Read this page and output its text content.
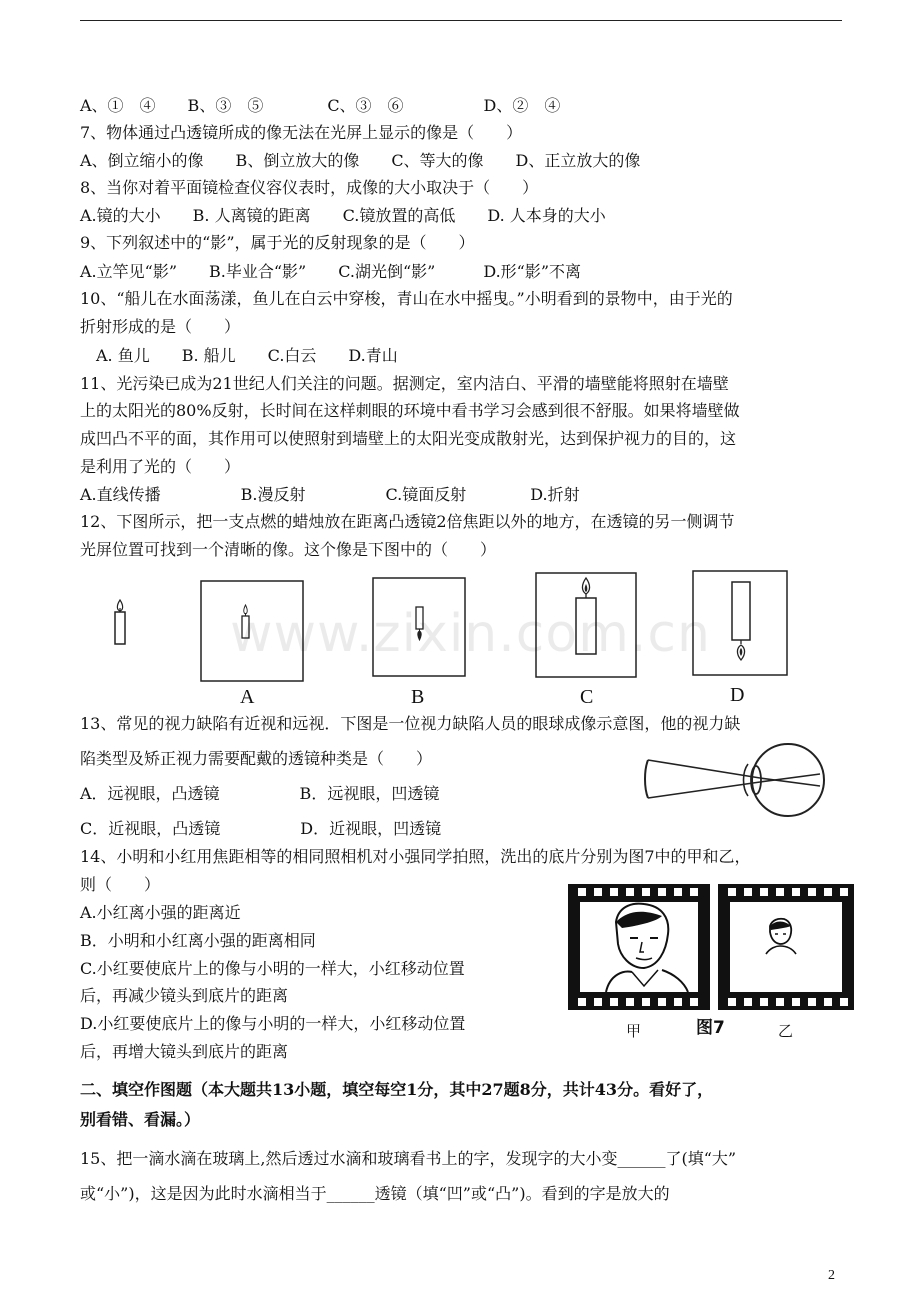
A、①　④　　B、③　⑤　　　　C、③　⑥　　　　　D、②　④
7、物体通过凸透镜所成的像无法在光屏上显示的像是（　　）
A、倒立缩小的像　　B、倒立放大的像　　C、等大的像　　D、正立放大的像
8、当你对着平面镜检查仪容仪表时，成像的大小取决于（　　）
A.镜的大小　　B. 人离镜的距离　　C.镜放置的高低　　D. 人本身的大小
9、下列叙述中的“影”，属于光的反射现象的是（　　）
A.立竿见“影”　　B.毕业合“影”　　C.湖光倒“影”　　　D.形“影”不离
10、“船儿在水面荡漾，鱼儿在白云中穿梭，青山在水中摇曳。”小明看到的景物中，由于光的
折射形成的是（　　）
　A. 鱼儿　　B. 船儿　　C.白云　　D.青山
11、光污染已成为21世纪人们关注的问题。据测定，室内洁白、平滑的墙壁能将照射在墙壁
上的太阳光的80%反射，长时间在这样刺眼的环境中看书学习会感到很不舒服。如果将墙壁做
成凹凸不平的面，其作用可以使照射到墙壁上的太阳光变成散射光，达到保护视力的目的，这
是利用了光的（　　）
A.直线传播　　　　　B.漫反射　　　　　C.镜面反射　　　　D.折射
12、下图所示，把一支点燃的蜡烛放在距离凸透镜2倍焦距以外的地方，在透镜的另一侧调节
光屏位置可找到一个清晰的像。这个像是下图中的（　　）
A	B	C	D
www.zixin.com.cn
13、常见的视力缺陷有近视和远视．下图是一位视力缺陷人员的眼球成像示意图，他的视力缺
陷类型及矫正视力需要配戴的透镜种类是（　　）
A．远视眼，凸透镜　　　　　B．远视眼，凹透镜
C．近视眼，凸透镜　　　　　D．近视眼，凹透镜
14、小明和小红用焦距相等的相同照相机对小强同学拍照，洗出的底片分别为图7中的甲和乙，
则（　　）
A.小红离小强的距离近
B．小明和小红离小强的距离相同
C.小红要使底片上的像与小明的一样大，小红移动位置
后，再减少镜头到底片的距离
D.小红要使底片上的像与小明的一样大，小红移动位置
后，再增大镜头到底片的距离
甲	图7	乙
二、填空作图题（本大题共13小题，填空每空1分，其中27题8分，共计43分。看好了，
别看错、看漏。）
15、把一滴水滴在玻璃上,然后透过水滴和玻璃看书上的字，发现字的大小变______了(填“大”
或“小”)，这是因为此时水滴相当于______透镜（填“凹”或“凸”)。看到的字是放大的
2
